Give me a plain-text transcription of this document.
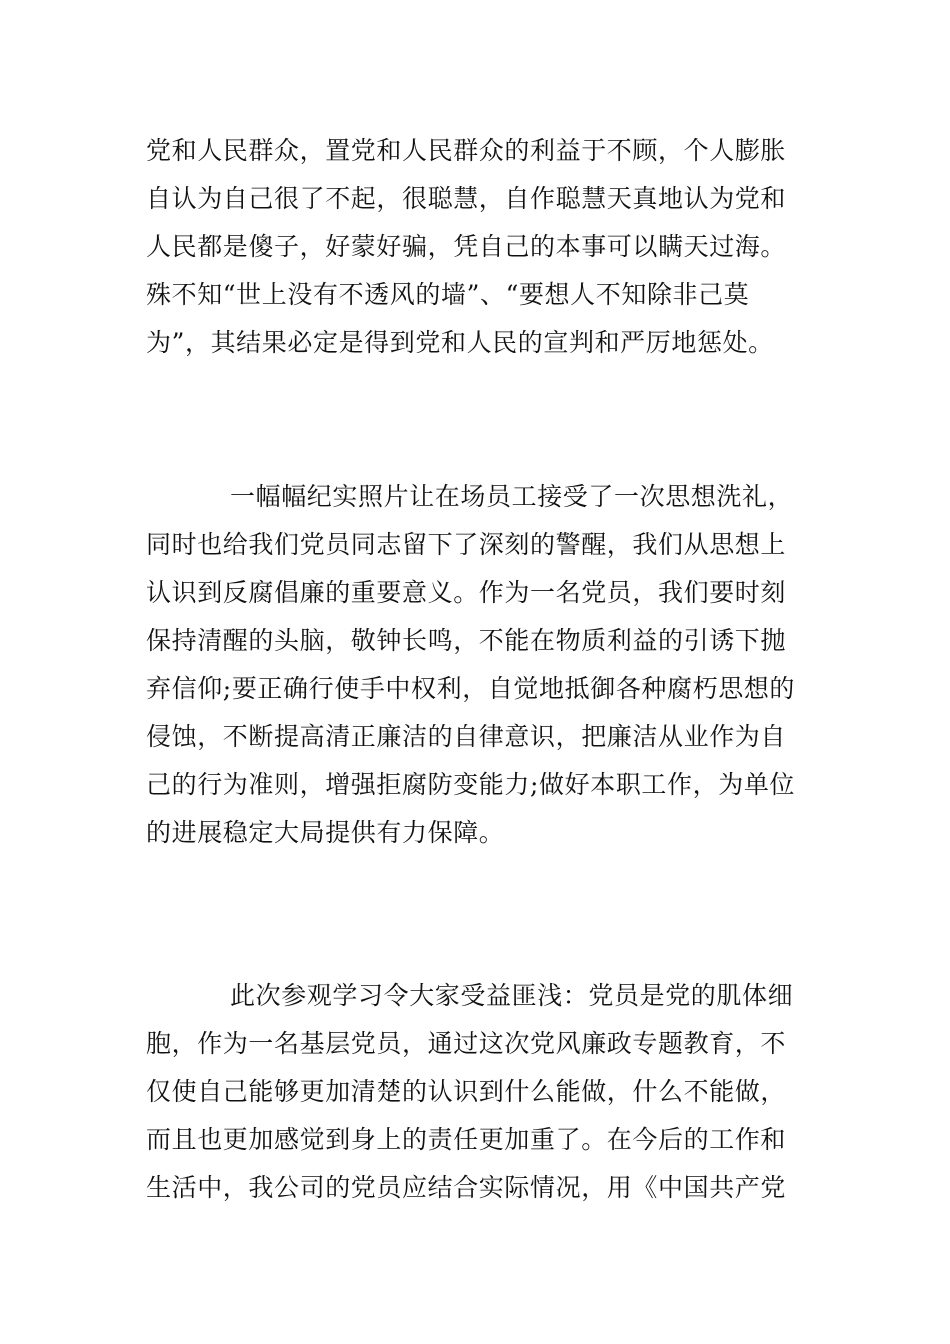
党和人民群众，置党和人民群众的利益于不顾，个人膨胀
自认为自己很了不起，很聪慧，自作聪慧天真地认为党和
人民都是傻子，好蒙好骗，凭自己的本事可以瞒天过海。
殊不知“世上没有不透风的墙”、“要想人不知除非己莫
为”，其结果必定是得到党和人民的宣判和严厉地惩处。
一幅幅纪实照片让在场员工接受了一次思想洗礼，
同时也给我们党员同志留下了深刻的警醒，我们从思想上
认识到反腐倡廉的重要意义。作为一名党员，我们要时刻
保持清醒的头脑，敬钟长鸣，不能在物质利益的引诱下抛
弃信仰;要正确行使手中权利，自觉地抵御各种腐朽思想的
侵蚀，不断提高清正廉洁的自律意识，把廉洁从业作为自
己的行为准则，增强拒腐防变能力;做好本职工作，为单位
的进展稳定大局提供有力保障。
此次参观学习令大家受益匪浅：党员是党的肌体细
胞，作为一名基层党员，通过这次党风廉政专题教育，不
仅使自己能够更加清楚的认识到什么能做，什么不能做，
而且也更加感觉到身上的责任更加重了。在今后的工作和
生活中，我公司的党员应结合实际情况，用《中国共产党
